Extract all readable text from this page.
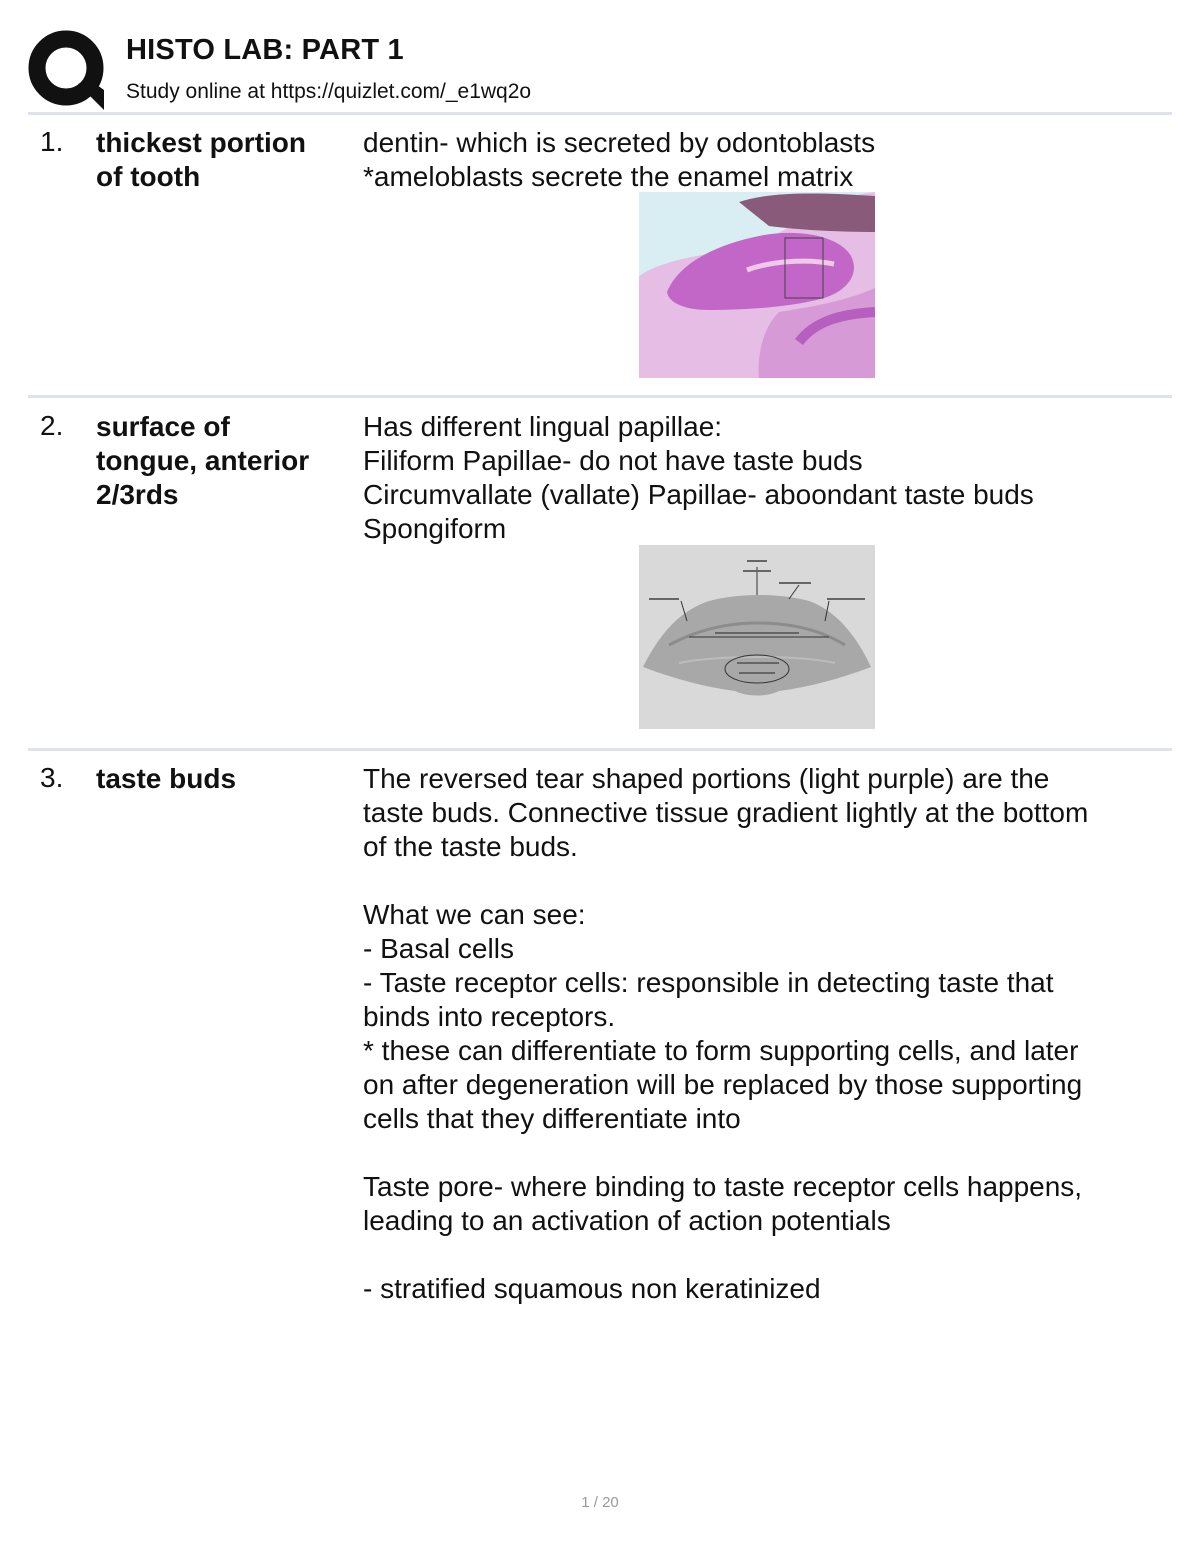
HISTO LAB: PART 1
Study online at https://quizlet.com/_e1wq2o
1. thickest portion
of tooth
dentin- which is secreted by odontoblasts
*ameloblasts secrete the enamel matrix
2. surface of
tongue, anterior
2/3rds
Has different lingual papillae:
Filiform Papillae- do not have taste buds
Circumvallate (vallate) Papillae- aboondant taste buds
Spongiform
3. taste buds	The reversed tear shaped portions (light purple) are the
taste buds. Connective tissue gradient lightly at the bottom
of the taste buds.
What we can see:
- Basal cells
- Taste receptor cells: responsible in detecting taste that
binds into receptors.
* these can differentiate to form supporting cells, and later
on after degeneration will be replaced by those supporting
cells that they differentiate into
Taste pore- where binding to taste receptor cells happens,
leading to an activation of action potentials
- stratified squamous non keratinized
1 / 20
